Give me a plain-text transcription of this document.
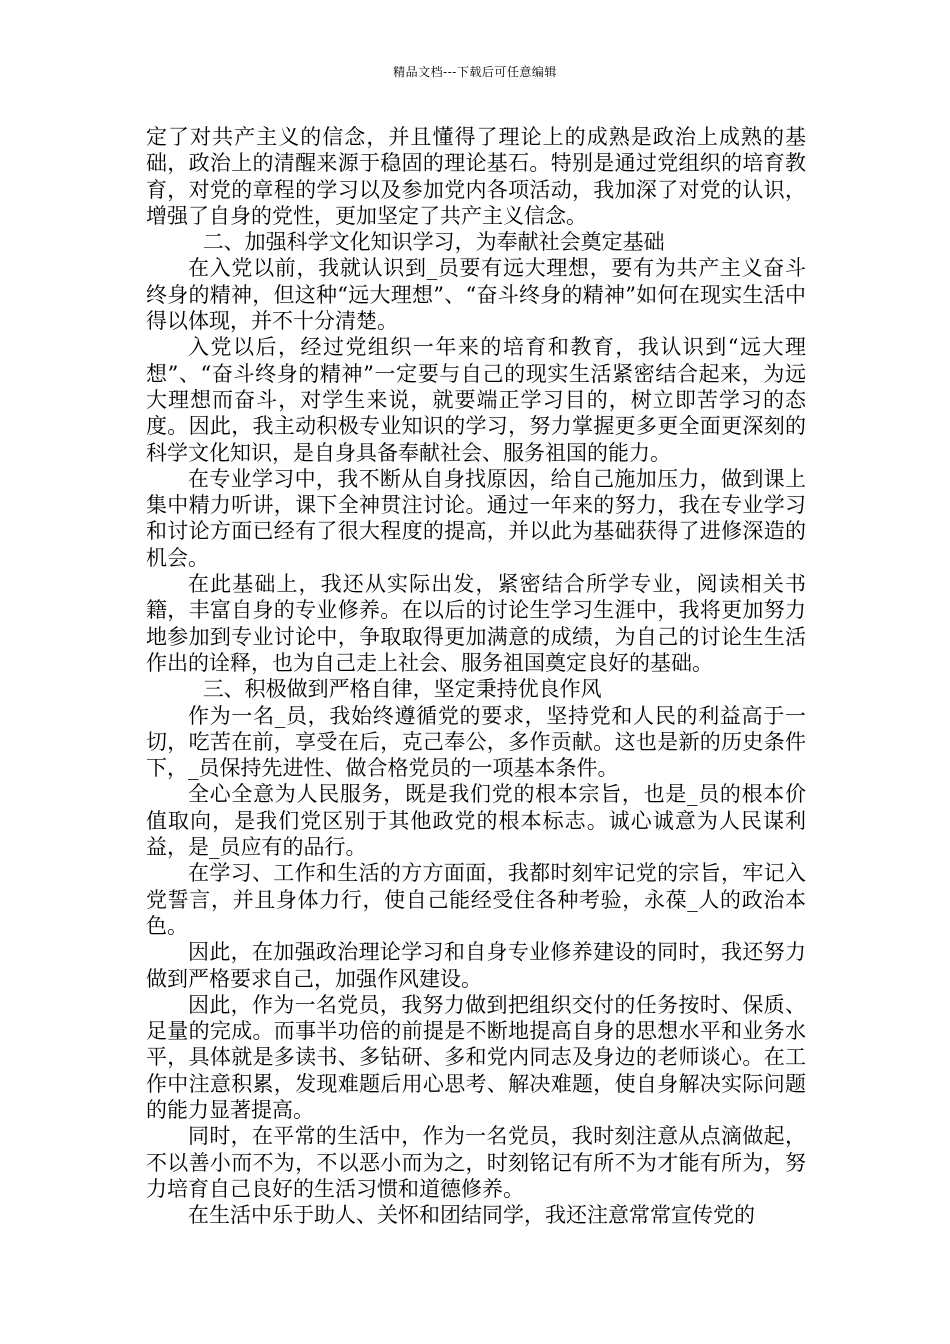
精品文档---下载后可任意编辑

定了对共产主义的信念，并且懂得了理论上的成熟是政治上成熟的基础，政治上的清醒来源于稳固的理论基石。特别是通过党组织的培育教育，对党的章程的学习以及参加党内各项活动，我加深了对党的认识，增强了自身的党性，更加坚定了共产主义信念。

二、加强科学文化知识学习，为奉献社会奠定基础

在入党以前，我就认识到_员要有远大理想，要有为共产主义奋斗终身的精神，但这种“远大理想”、“奋斗终身的精神”如何在现实生活中得以体现，并不十分清楚。

入党以后，经过党组织一年来的培育和教育，我认识到“远大理想”、“奋斗终身的精神”一定要与自己的现实生活紧密结合起来，为远大理想而奋斗，对学生来说，就要端正学习目的，树立即苦学习的态度。因此，我主动积极专业知识的学习，努力掌握更多更全面更深刻的科学文化知识，是自身具备奉献社会、服务祖国的能力。

在专业学习中，我不断从自身找原因，给自己施加压力，做到课上集中精力听讲，课下全神贯注讨论。通过一年来的努力，我在专业学习和讨论方面已经有了很大程度的提高，并以此为基础获得了进修深造的机会。

在此基础上，我还从实际出发，紧密结合所学专业，阅读相关书籍，丰富自身的专业修养。在以后的讨论生学习生涯中，我将更加努力地参加到专业讨论中，争取取得更加满意的成绩，为自己的讨论生生活作出的诠释，也为自己走上社会、服务祖国奠定良好的基础。

三、积极做到严格自律，坚定秉持优良作风

作为一名_员，我始终遵循党的要求，坚持党和人民的利益高于一切，吃苦在前，享受在后，克己奉公，多作贡献。这也是新的历史条件下，_员保持先进性、做合格党员的一项基本条件。

全心全意为人民服务，既是我们党的根本宗旨，也是_员的根本价值取向，是我们党区别于其他政党的根本标志。诚心诚意为人民谋利益，是_员应有的品行。

在学习、工作和生活的方方面面，我都时刻牢记党的宗旨，牢记入党誓言，并且身体力行，使自己能经受住各种考验，永葆_人的政治本色。

因此，在加强政治理论学习和自身专业修养建设的同时，我还努力做到严格要求自己，加强作风建设。

因此，作为一名党员，我努力做到把组织交付的任务按时、保质、足量的完成。而事半功倍的前提是不断地提高自身的思想水平和业务水平，具体就是多读书、多钻研、多和党内同志及身边的老师谈心。在工作中注意积累，发现难题后用心思考、解决难题，使自身解决实际问题的能力显著提高。

同时，在平常的生活中，作为一名党员，我时刻注意从点滴做起，不以善小而不为，不以恶小而为之，时刻铭记有所不为才能有所为，努力培育自己良好的生活习惯和道德修养。

在生活中乐于助人、关怀和团结同学，我还注意常常宣传党的
